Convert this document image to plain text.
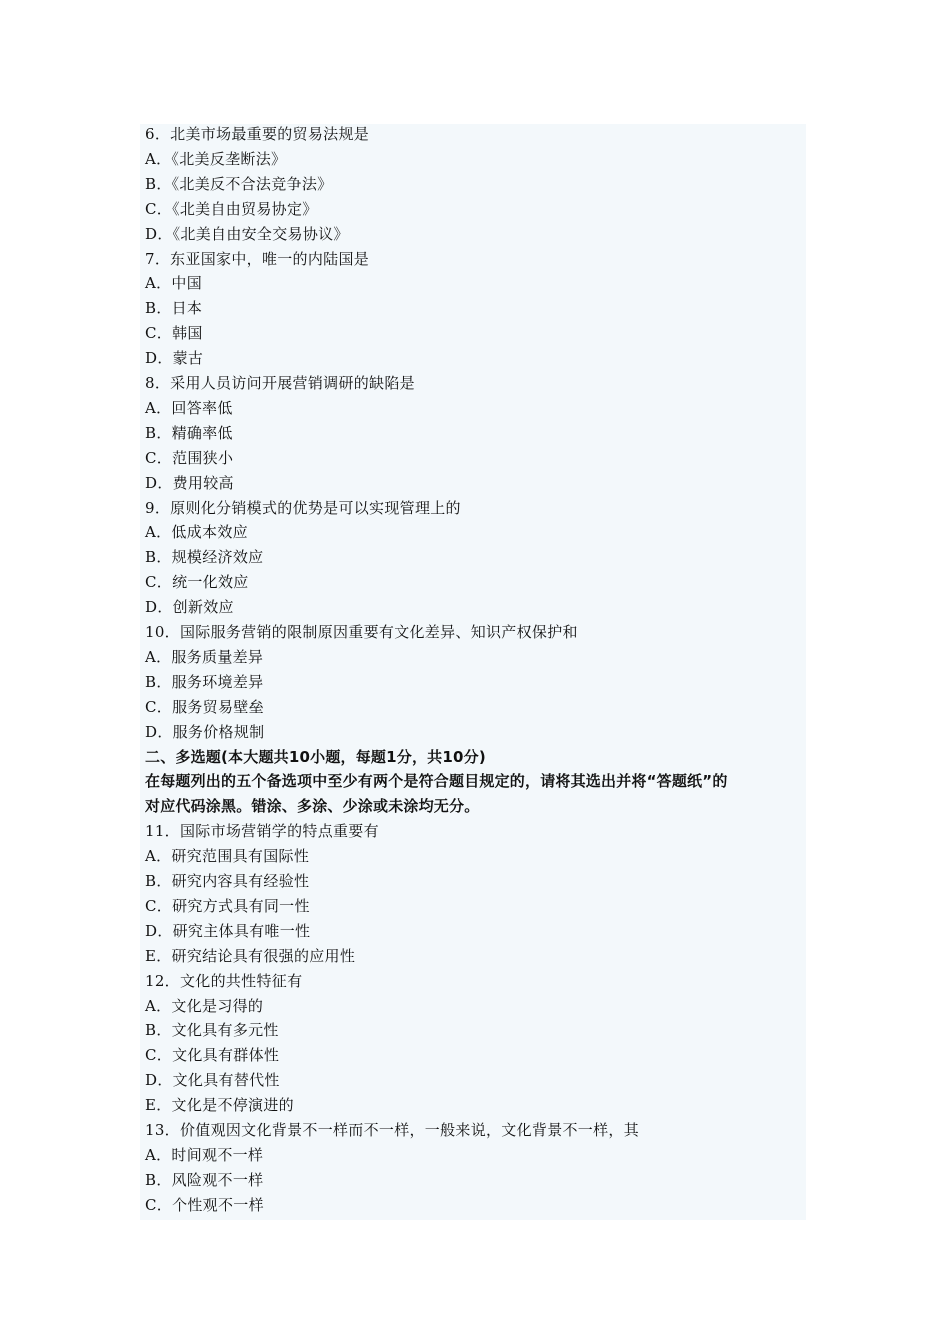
6．北美市场最重要的贸易法规是
A．《北美反垄断法》
B．《北美反不合法竞争法》
C．《北美自由贸易协定》
D．《北美自由安全交易协议》
7．东亚国家中，唯一的内陆国是
A．中国
B．日本
C．韩国
D．蒙古
8．采用人员访问开展营销调研的缺陷是
A．回答率低
B．精确率低
C．范围狭小
D．费用较高
9．原则化分销模式的优势是可以实现管理上的
A．低成本效应
B．规模经济效应
C．统一化效应
D．创新效应
10．国际服务营销的限制原因重要有文化差异、知识产权保护和
A．服务质量差异
B．服务环境差异
C．服务贸易壁垒
D．服务价格规制
二、多选题(本大题共10小题，每题1分，共10分)
在每题列出的五个备选项中至少有两个是符合题目规定的，请将其选出并将“答题纸”的
对应代码涂黑。错涂、多涂、少涂或未涂均无分。
11．国际市场营销学的特点重要有
A．研究范围具有国际性
B．研究内容具有经验性
C．研究方式具有同一性
D．研究主体具有唯一性
E．研究结论具有很强的应用性
12．文化的共性特征有
A．文化是习得的
B．文化具有多元性
C．文化具有群体性
D．文化具有替代性
E．文化是不停演进的
13．价值观因文化背景不一样而不一样，一般来说，文化背景不一样，其
A．时间观不一样
B．风险观不一样
C．个性观不一样
